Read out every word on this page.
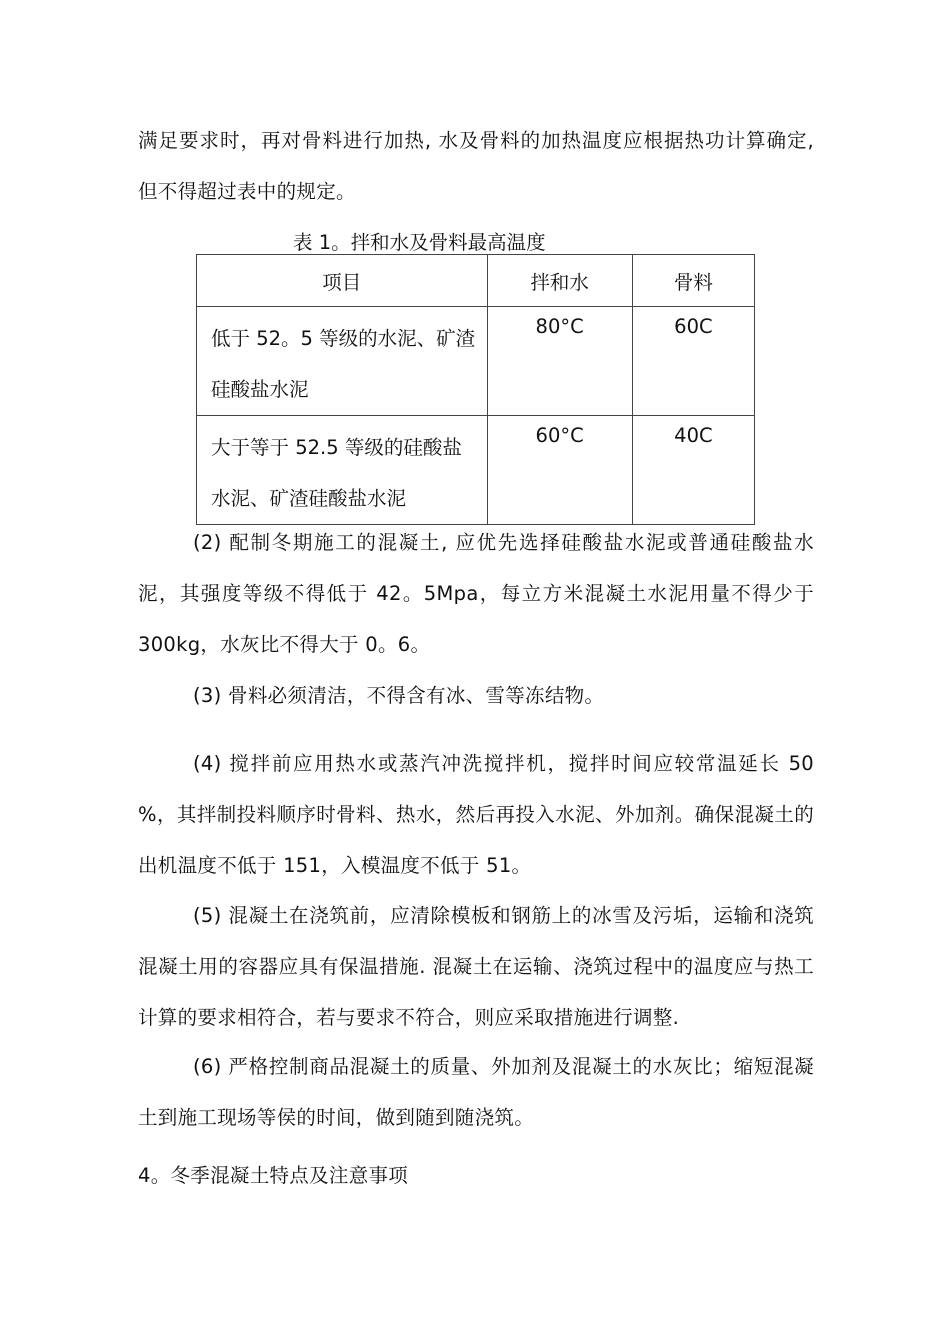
满足要求时，再对骨料进行加热, 水及骨料的加热温度应根据热功计算确定, 但不得超过表中的规定。

表 1。拌和水及骨料最高温度

项目	拌和水	骨料

低于 52。5 等级的水泥、矿渣硅酸盐水泥	80°C	60C

大于等于 52.5 等级的硅酸盐水泥、矿渣硅酸盐水泥	60°C	40C

(2) 配制冬期施工的混凝土, 应优先选择硅酸盐水泥或普通硅酸盐水泥，其强度等级不得低于 42。5Mpa，每立方米混凝土水泥用量不得少于 300kg，水灰比不得大于 0。6。

(3) 骨料必须清洁，不得含有冰、雪等冻结物。

(4) 搅拌前应用热水或蒸汽冲洗搅拌机，搅拌时间应较常温延长 50 %，其拌制投料顺序时骨料、热水，然后再投入水泥、外加剂。确保混凝土的出机温度不低于 151，入模温度不低于 51。

(5) 混凝土在浇筑前，应清除模板和钢筋上的冰雪及污垢，运输和浇筑混凝土用的容器应具有保温措施. 混凝土在运输、浇筑过程中的温度应与热工计算的要求相符合，若与要求不符合，则应采取措施进行调整.

(6) 严格控制商品混凝土的质量、外加剂及混凝土的水灰比；缩短混凝土到施工现场等侯的时间，做到随到随浇筑。

4。冬季混凝土特点及注意事项
